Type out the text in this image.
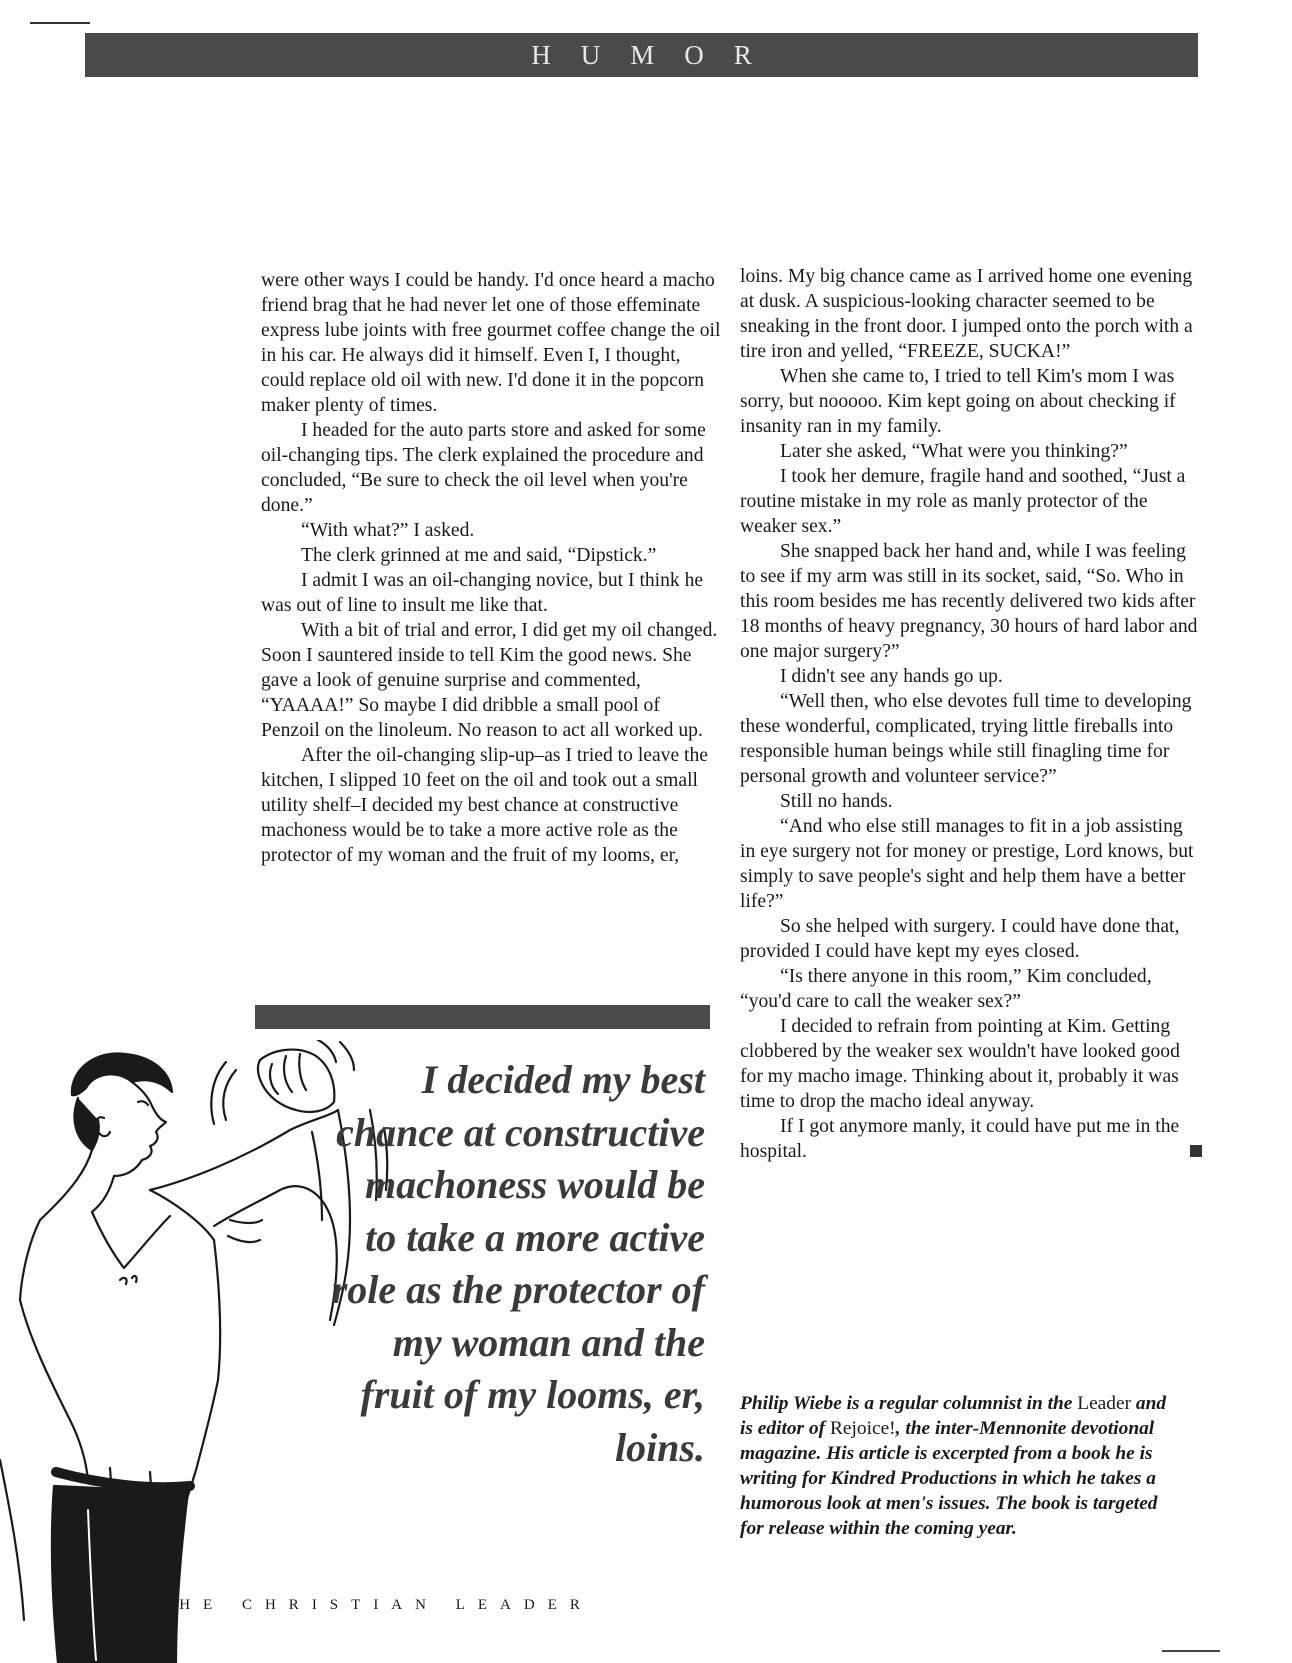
HUMOR

were other ways I could be handy. I'd once heard a macho friend brag that he had never let one of those effeminate express lube joints with free gourmet coffee change the oil in his car. He always did it himself. Even I, I thought, could replace old oil with new. I'd done it in the popcorn maker plenty of times.

I headed for the auto parts store and asked for some oil-changing tips. The clerk explained the procedure and concluded, “Be sure to check the oil level when you're done.”

“With what?” I asked.

The clerk grinned at me and said, “Dipstick.”

I admit I was an oil-changing novice, but I think he was out of line to insult me like that.

With a bit of trial and error, I did get my oil changed. Soon I sauntered inside to tell Kim the good news. She gave a look of genuine surprise and commented, “YAAAA!” So maybe I did dribble a small pool of Penzoil on the linoleum. No reason to act all worked up.

After the oil-changing slip-up–as I tried to leave the kitchen, I slipped 10 feet on the oil and took out a small utility shelf–I decided my best chance at constructive machoness would be to take a more active role as the protector of my woman and the fruit of my looms, er,

loins. My big chance came as I arrived home one evening at dusk. A suspicious-looking character seemed to be sneaking in the front door. I jumped onto the porch with a tire iron and yelled, “FREEZE, SUCKA!”

When she came to, I tried to tell Kim's mom I was sorry, but nooooo. Kim kept going on about checking if insanity ran in my family.

Later she asked, “What were you thinking?”

I took her demure, fragile hand and soothed, “Just a routine mistake in my role as manly protector of the weaker sex.”

She snapped back her hand and, while I was feeling to see if my arm was still in its socket, said, “So. Who in this room besides me has recently delivered two kids after 18 months of heavy pregnancy, 30 hours of hard labor and one major surgery?”

I didn't see any hands go up.

“Well then, who else devotes full time to developing these wonderful, complicated, trying little fireballs into responsible human beings while still finagling time for personal growth and volunteer service?”

Still no hands.

“And who else still manages to fit in a job assisting in eye surgery not for money or prestige, Lord knows, but simply to save people's sight and help them have a better life?”

So she helped with surgery. I could have done that, provided I could have kept my eyes closed.

“Is there anyone in this room,” Kim concluded, “you'd care to call the weaker sex?”

I decided to refrain from pointing at Kim. Getting clobbered by the weaker sex wouldn't have looked good for my macho image. Thinking about it, probably it was time to drop the macho ideal anyway.

If I got anymore manly, it could have put me in the hospital.

Philip Wiebe is a regular columnist in the Leader and is editor of Rejoice!, the inter-Mennonite devotional magazine. His article is excerpted from a book he is writing for Kindred Productions in which he takes a humorous look at men's issues. The book is targeted for release within the coming year.
I decided my best chance at constructive machoness would be to take a more active role as the protector of my woman and the fruit of my looms, er, loins.
10 • THE CHRISTIAN LEADER
